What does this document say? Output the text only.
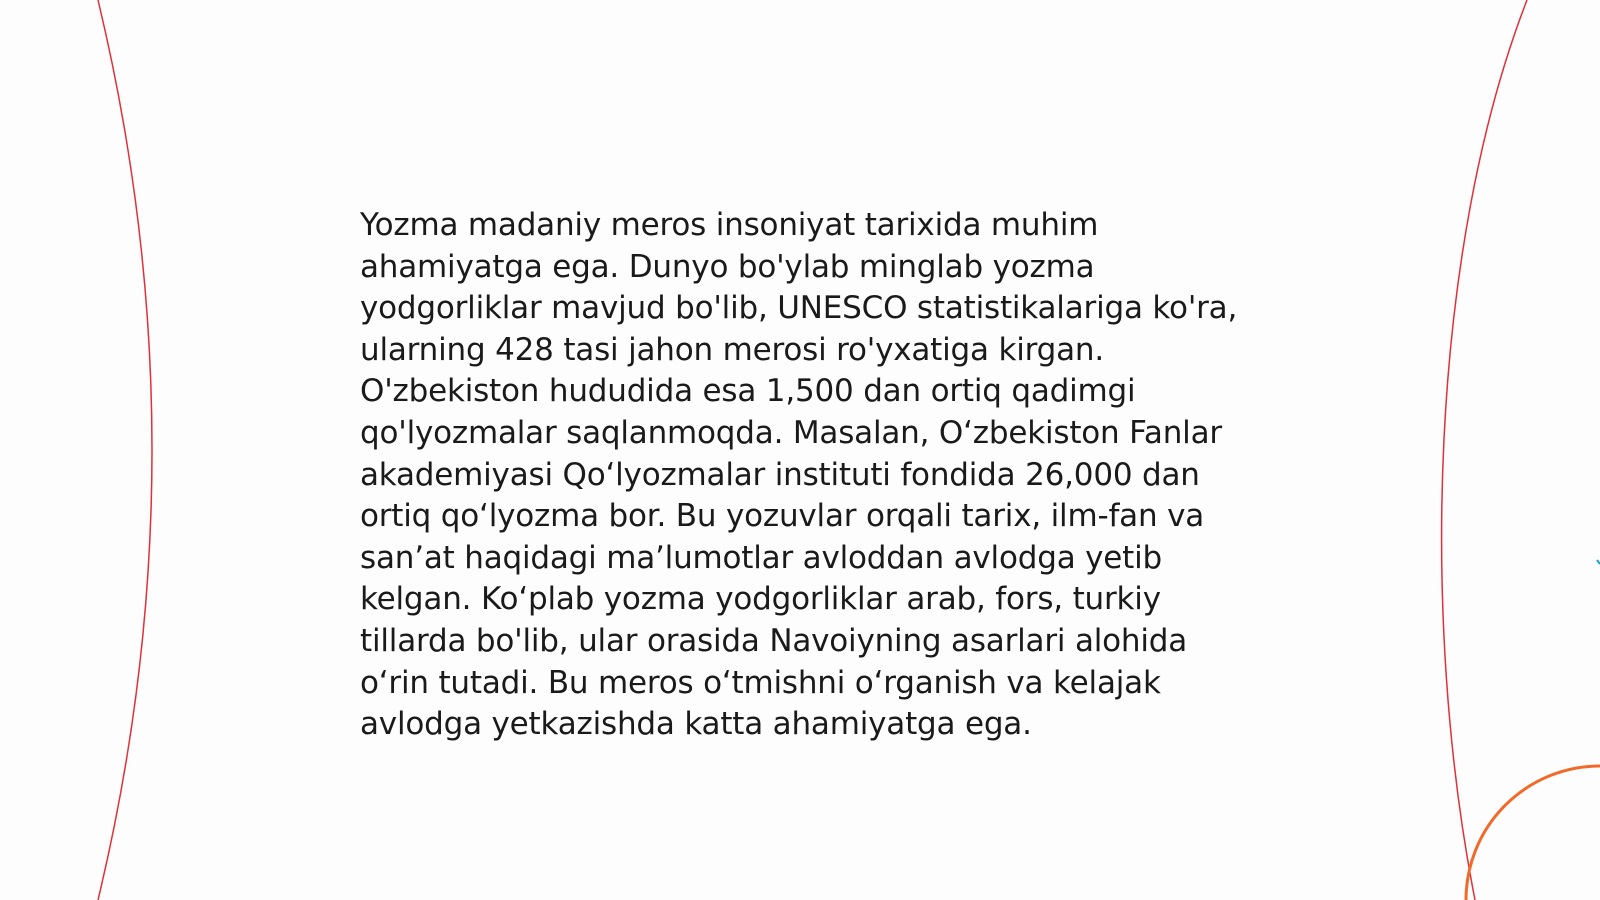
Yozma madaniy meros insoniyat tarixida muhim ahamiyatga ega. Dunyo bo'ylab minglab yozma yodgorliklar mavjud bo'lib, UNESCO statistikalariga ko'ra, ularning 428 tasi jahon merosi ro'yxatiga kirgan. O'zbekiston hududida esa 1,500 dan ortiq qadimgi qo'lyozmalar saqlanmoqda. Masalan, O‘zbekiston Fanlar akademiyasi Qo‘lyozmalar instituti fondida 26,000 dan ortiq qo‘lyozma bor. Bu yozuvlar orqali tarix, ilm-fan va san’at haqidagi ma’lumotlar avloddan avlodga yetib kelgan. Ko‘plab yozma yodgorliklar arab, fors, turkiy tillarda bo'lib, ular orasida Navoiyning asarlari alohida o‘rin tutadi. Bu meros o‘tmishni o‘rganish va kelajak avlodga yetkazishda katta ahamiyatga ega.
